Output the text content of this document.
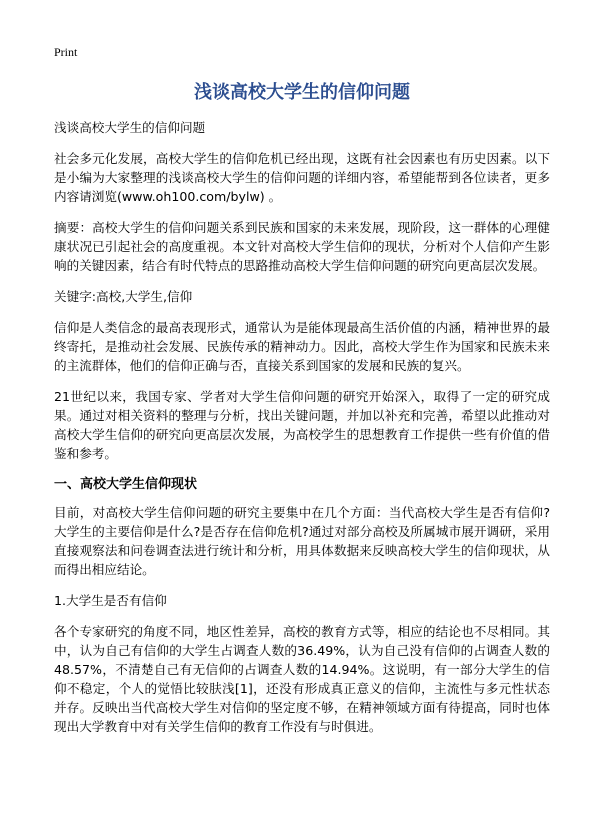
Print
浅谈高校大学生的信仰问题

浅谈高校大学生的信仰问题

社会多元化发展，高校大学生的信仰危机已经出现，这既有社会因素也有历史因素。以下是小编为大家整理的浅谈高校大学生的信仰问题的详细内容，希望能帮到各位读者，更多内容请浏览(www.oh100.com/bylw) 。

摘要：高校大学生的信仰问题关系到民族和国家的未来发展，现阶段，这一群体的心理健康状况已引起社会的高度重视。本文针对高校大学生信仰的现状，分析对个人信仰产生影响的关键因素，结合有时代特点的思路推动高校大学生信仰问题的研究向更高层次发展。

关键字:高校,大学生,信仰

信仰是人类信念的最高表现形式，通常认为是能体现最高生活价值的内涵，精神世界的最终寄托，是推动社会发展、民族传承的精神动力。因此，高校大学生作为国家和民族未来的主流群体，他们的信仰正确与否，直接关系到国家的发展和民族的复兴。

21世纪以来，我国专家、学者对大学生信仰问题的研究开始深入，取得了一定的研究成果。通过对相关资料的整理与分析，找出关键问题，并加以补充和完善，希望以此推动对高校大学生信仰的研究向更高层次发展，为高校学生的思想教育工作提供一些有价值的借鉴和参考。

一、高校大学生信仰现状

目前，对高校大学生信仰问题的研究主要集中在几个方面：当代高校大学生是否有信仰?大学生的主要信仰是什么?是否存在信仰危机?通过对部分高校及所属城市展开调研，采用直接观察法和问卷调查法进行统计和分析，用具体数据来反映高校大学生的信仰现状，从而得出相应结论。

1.大学生是否有信仰

各个专家研究的角度不同，地区性差异，高校的教育方式等，相应的结论也不尽相同。其中，认为自己有信仰的大学生占调查人数的36.49%，认为自己没有信仰的占调查人数的48.57%，不清楚自己有无信仰的占调查人数的14.94%。这说明，有一部分大学生的信仰不稳定，个人的觉悟比较肤浅[1]，还没有形成真正意义的信仰，主流性与多元性状态并存。反映出当代高校大学生对信仰的坚定度不够，在精神领域方面有待提高，同时也体现出大学教育中对有关学生信仰的教育工作没有与时俱进。
